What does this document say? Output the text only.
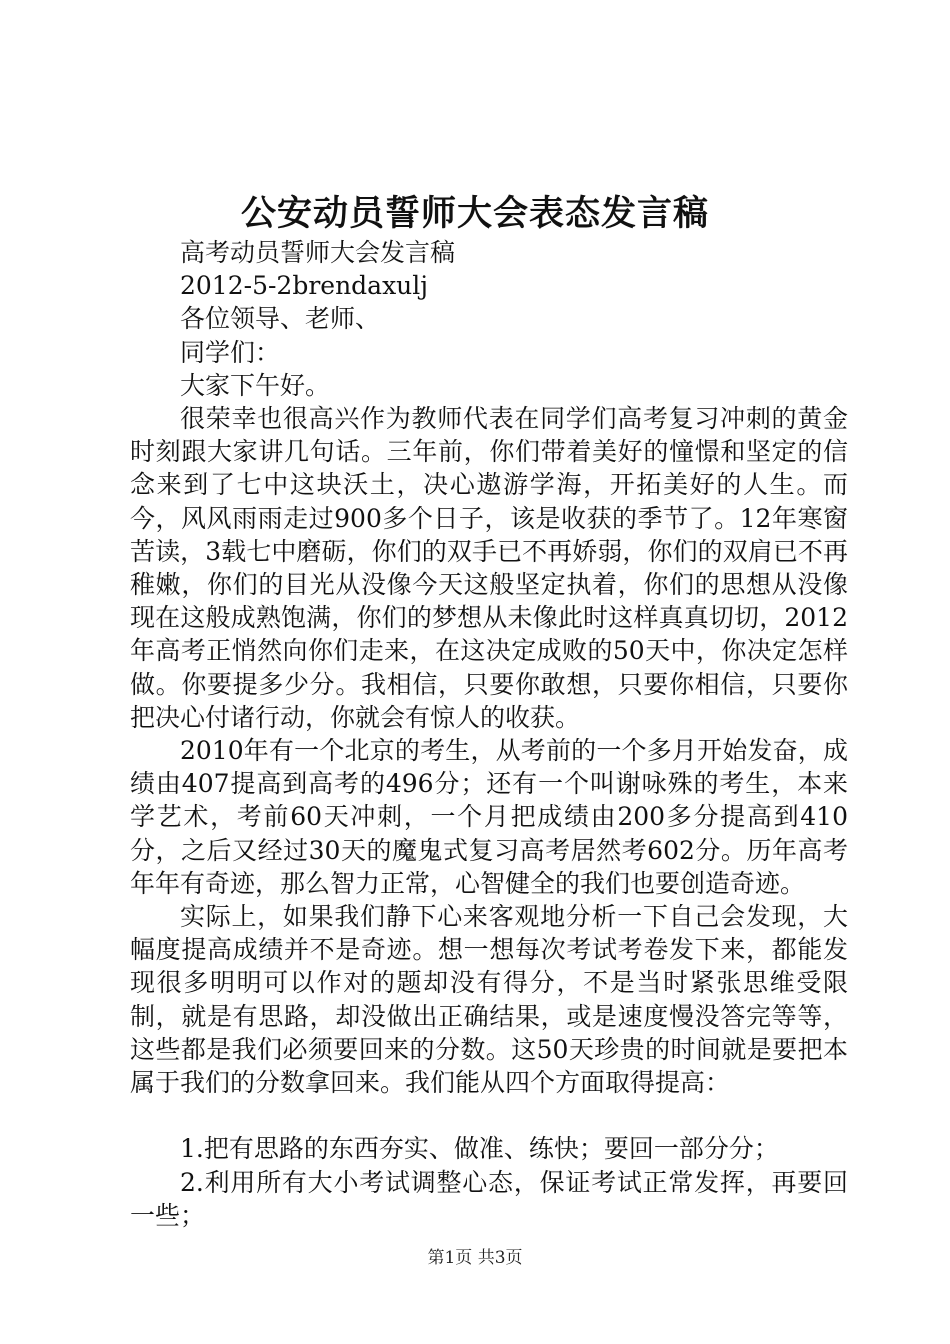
公安动员誓师大会表态发言稿

高考动员誓师大会发言稿

2012-5-2brendaxulj

各位领导、老师、

同学们：

大家下午好。

很荣幸也很高兴作为教师代表在同学们高考复习冲刺的黄金时刻跟大家讲几句话。三年前，你们带着美好的憧憬和坚定的信念来到了七中这块沃土，决心遨游学海，开拓美好的人生。而今，风风雨雨走过900多个日子，该是收获的季节了。12年寒窗苦读，3载七中磨砺，你们的双手已不再娇弱，你们的双肩已不再稚嫩，你们的目光从没像今天这般坚定执着，你们的思想从没像现在这般成熟饱满，你们的梦想从未像此时这样真真切切，2012年高考正悄然向你们走来，在这决定成败的50天中，你决定怎样做。你要提多少分。我相信，只要你敢想，只要你相信，只要你把决心付诸行动，你就会有惊人的收获。

2010年有一个北京的考生，从考前的一个多月开始发奋，成绩由407提高到高考的496分；还有一个叫谢咏殊的考生，本来学艺术，考前60天冲刺，一个月把成绩由200多分提高到410分，之后又经过30天的魔鬼式复习高考居然考602分。历年高考年年有奇迹，那么智力正常，心智健全的我们也要创造奇迹。

实际上，如果我们静下心来客观地分析一下自己会发现，大幅度提高成绩并不是奇迹。想一想每次考试考卷发下来，都能发现很多明明可以作对的题却没有得分，不是当时紧张思维受限制，就是有思路，却没做出正确结果，或是速度慢没答完等等，这些都是我们必须要回来的分数。这50天珍贵的时间就是要把本属于我们的分数拿回来。我们能从四个方面取得提高：

1.把有思路的东西夯实、做准、练快；要回一部分分；

2.利用所有大小考试调整心态，保证考试正常发挥，再要回一些；

第1页 共3页
